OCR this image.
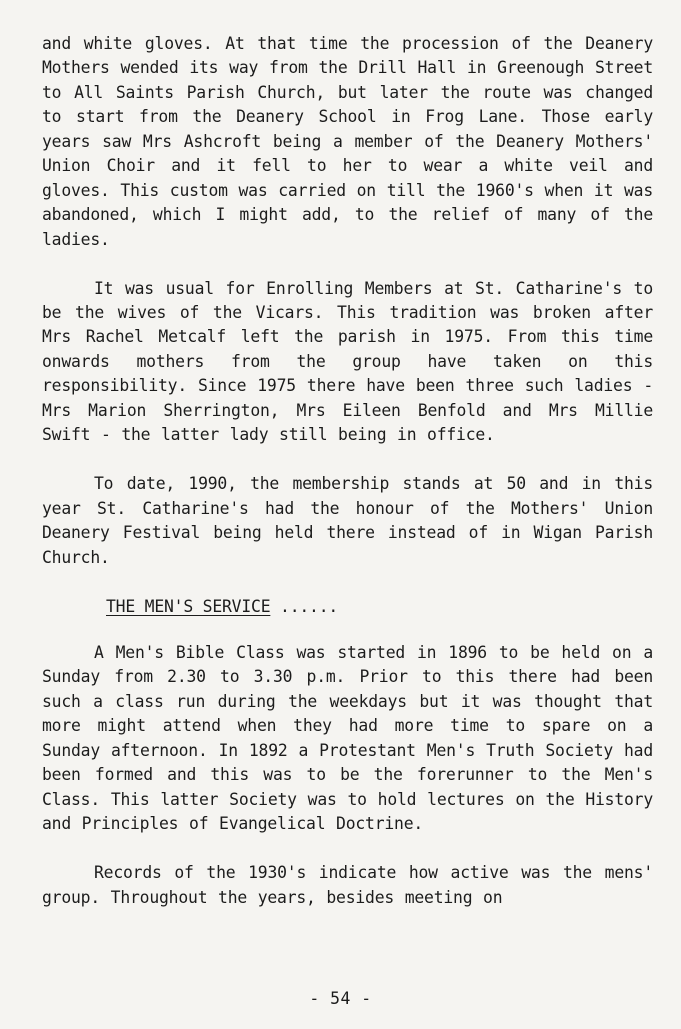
and white gloves. At that time the procession of the Deanery Mothers wended its way from the Drill Hall in Greenough Street to All Saints Parish Church, but later the route was changed to start from the Deanery School in Frog Lane. Those early years saw Mrs Ashcroft being a member of the Deanery Mothers' Union Choir and it fell to her to wear a white veil and gloves. This custom was carried on till the 1960's when it was abandoned, which I might add, to the relief of many of the ladies.

It was usual for Enrolling Members at St. Catharine's to be the wives of the Vicars. This tradition was broken after Mrs Rachel Metcalf left the parish in 1975. From this time onwards mothers from the group have taken on this responsibility. Since 1975 there have been three such ladies - Mrs Marion Sherrington, Mrs Eileen Benfold and Mrs Millie Swift - the latter lady still being in office.

To date, 1990, the membership stands at 50 and in this year St. Catharine's had the honour of the Mothers' Union Deanery Festival being held there instead of in Wigan Parish Church.

THE MEN'S SERVICE ......

A Men's Bible Class was started in 1896 to be held on a Sunday from 2.30 to 3.30 p.m. Prior to this there had been such a class run during the weekdays but it was thought that more might attend when they had more time to spare on a Sunday afternoon. In 1892 a Protestant Men's Truth Society had been formed and this was to be the forerunner to the Men's Class. This latter Society was to hold lectures on the History and Principles of Evangelical Doctrine.

Records of the 1930's indicate how active was the mens' group. Throughout the years, besides meeting on

- 54 -
